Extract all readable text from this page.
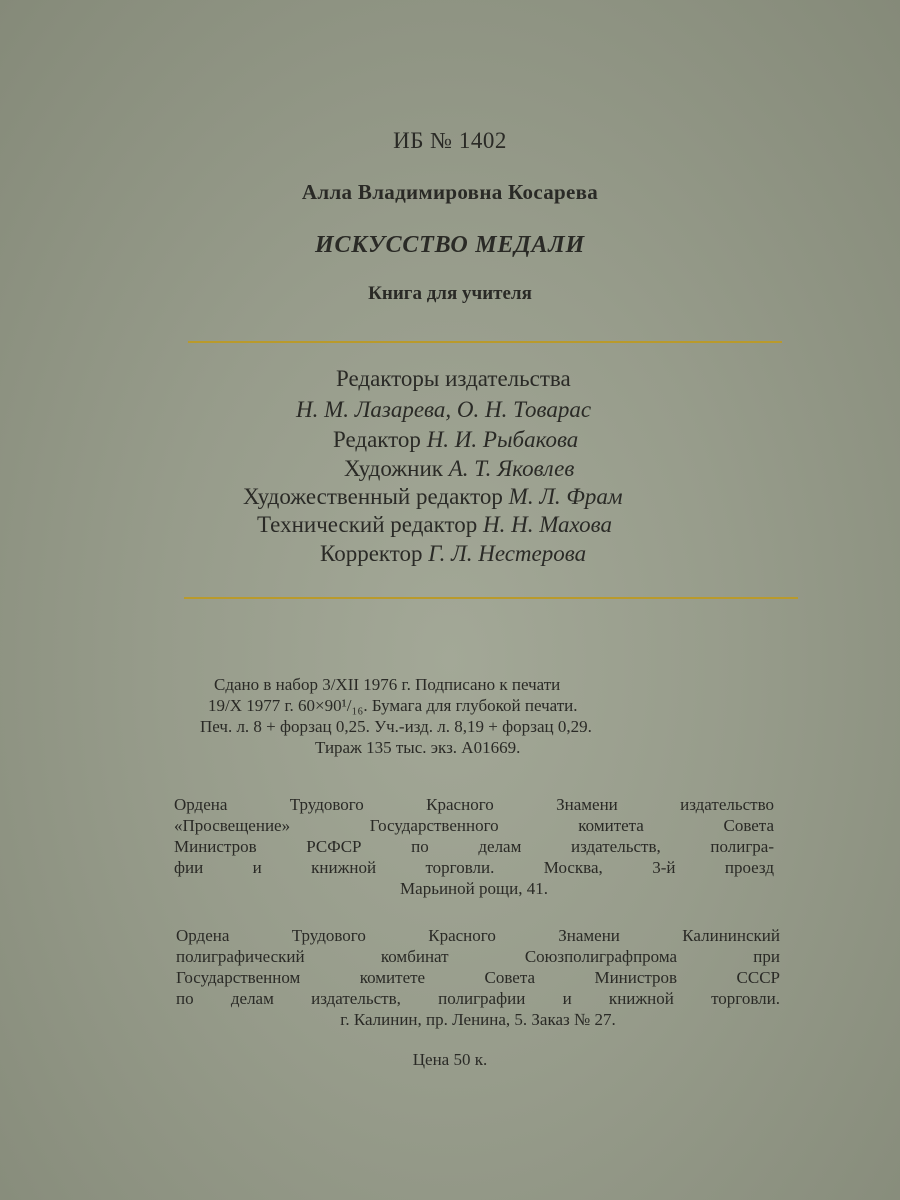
ИБ № 1402
Алла Владимировна Косарева
ИСКУССТВО МЕДАЛИ
Книга для учителя
Редакторы издательства
Н. М. Лазарева, О. Н. Товарас
Редактор Н. И. Рыбакова
Художник А. Т. Яковлев
Художественный редактор М. Л. Фрам
Технический редактор Н. Н. Махова
Корректор Г. Л. Нестерова
Сдано в набор 3/XII 1976 г. Подписано к печати
19/X 1977 г. 60×90¹/₁₆. Бумага для глубокой печати.
Печ. л. 8 + форзац 0,25. Уч.-изд. л. 8,19 + форзац 0,29.
Тираж 135 тыс. экз. А01669.
Ордена Трудового Красного Знамени издательство
«Просвещение» Государственного комитета Совета
Министров РСФСР по делам издательств, полигра-
фии и книжной торговли. Москва, 3-й проезд
Марьиной рощи, 41.
Ордена Трудового Красного Знамени Калининский
полиграфический комбинат Союзполиграфпрома при
Государственном комитете Совета Министров СССР
по делам издательств, полиграфии и книжной торговли.
г. Калинин, пр. Ленина, 5. Заказ № 27.
Цена 50 к.
